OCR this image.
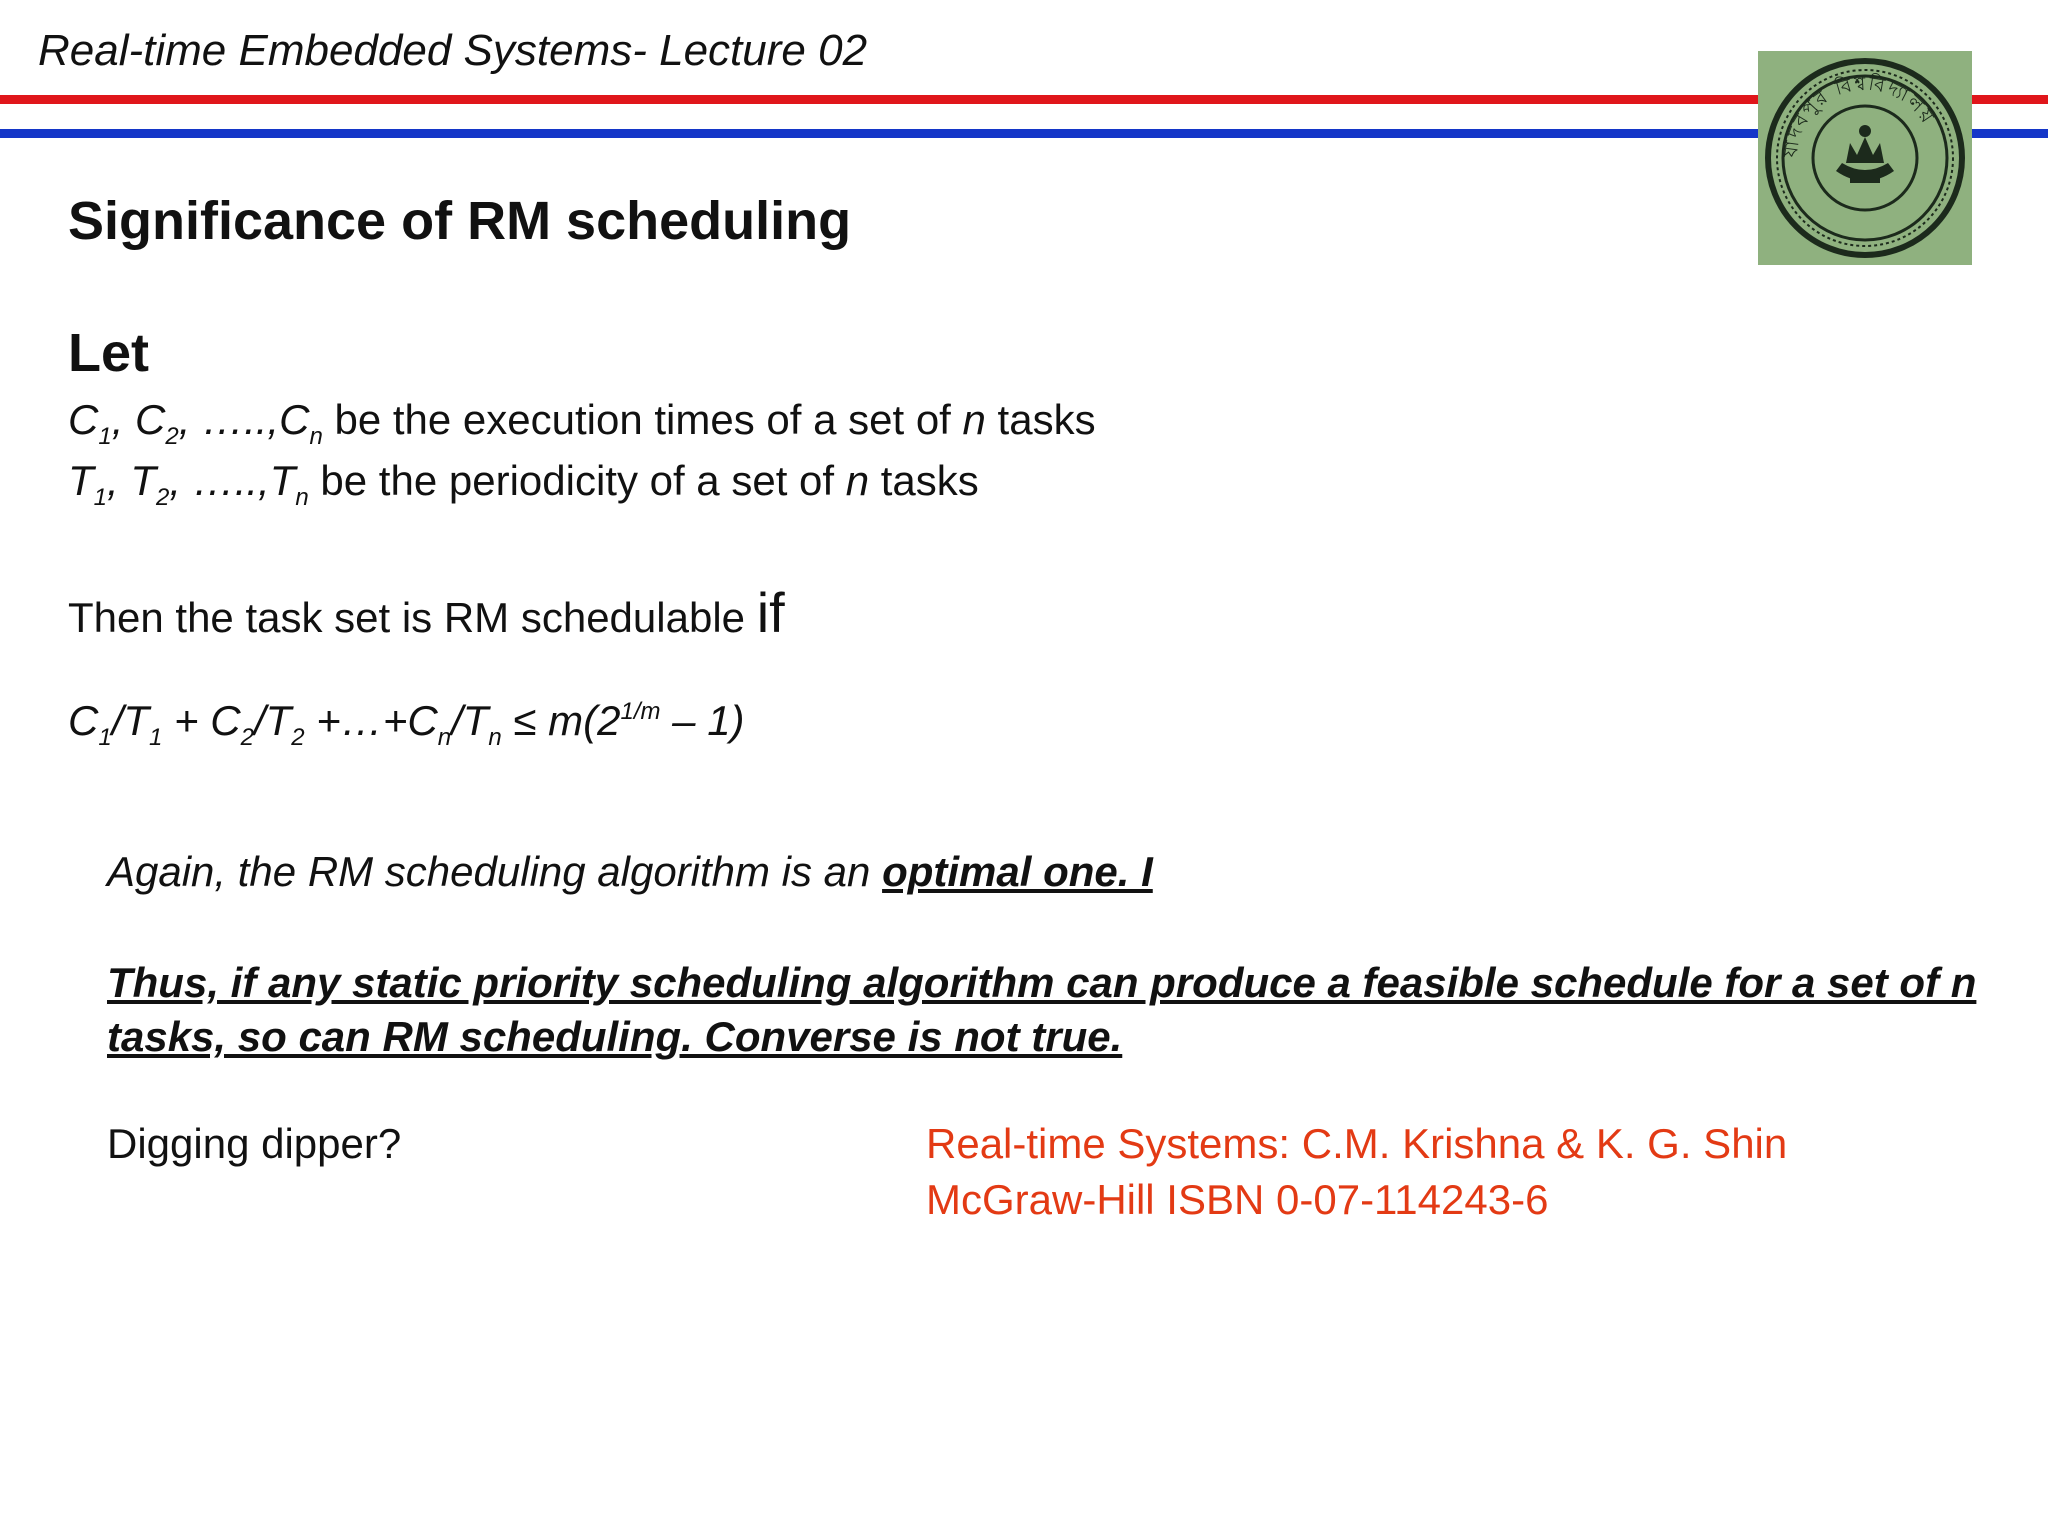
Real-time Embedded Systems- Lecture 02
যাদবপুর বিশ্ববিদ্যালয়
Significance of RM scheduling
Let
$C_1$, $C_2$, $\dots..,C_n$ be the execution times of a set of n tasks
$T_1$, $T_2$, $\dots..,T_n$ be the periodicity of a set of n tasks
Then the task set is RM schedulable if
$C_1/T_1 + C_2/T_2$ $+\dots+C_n/T_n \le m(2^{1/m} - 1)$
Again, the RM scheduling algorithm is an optimal one. I
Thus, if any static priority scheduling algorithm can produce a feasible schedule for a set of n tasks, so can RM scheduling. Converse is not true.
Digging dipper?	Real-time Systems: C.M. Krishna & K. G. Shin
McGraw-Hill ISBN 0-07-114243-6
